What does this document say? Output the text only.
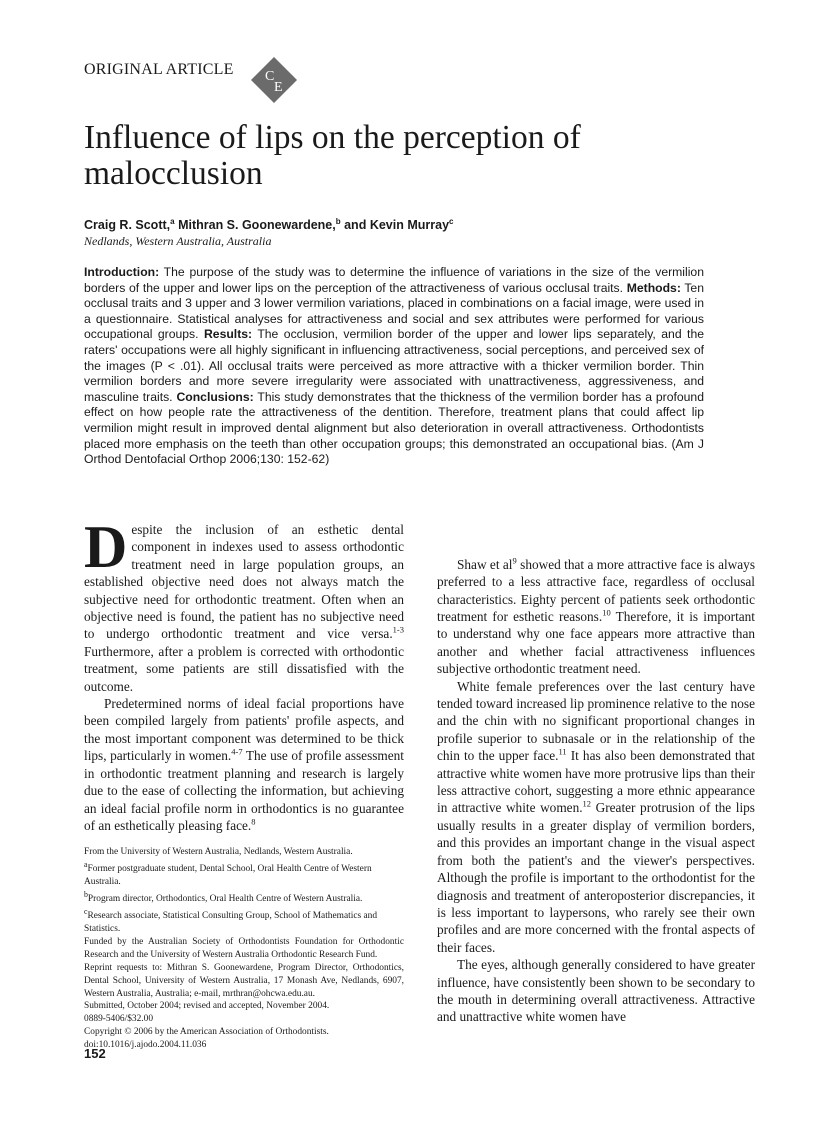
ORIGINAL ARTICLE C
E
Influence of lips on the perception of malocclusion
Craig R. Scott,$^a$ Mithran S. Goonewardene,$^b$ and Kevin Murray$^c$
Nedlands, Western Australia, Australia

Introduction: The purpose of the study was to determine the influence of variations in the size of the vermilion borders of the upper and lower lips on the perception of the attractiveness of various occlusal traits. Methods: Ten occlusal traits and 3 upper and 3 lower vermilion variations, placed in combinations on a facial image, were used in a questionnaire. Statistical analyses for attractiveness and social and sex attributes were performed for various occupational groups. Results: The occlusion, vermilion border of the upper and lower lips separately, and the raters' occupations were all highly significant in influencing attractiveness, social perceptions, and perceived sex of the images (P < .01). All occlusal traits were perceived as more attractive with a thicker vermilion border. Thin vermilion borders and more severe irregularity were associated with unattractiveness, aggressiveness, and masculine traits. Conclusions: This study demonstrates that the thickness of the vermilion border has a profound effect on how people rate the attractiveness of the dentition. Therefore, treatment plans that could affect lip vermilion might result in improved dental alignment but also deterioration in overall attractiveness. Orthodontists placed more emphasis on the teeth than other occupation groups; this demonstrated an occupational bias. (Am J Orthod Dentofacial Orthop 2006;130: 152-62)

Despite the inclusion of an esthetic dental component in indexes used to assess orthodontic treatment need in large population groups, an established objective need does not always match the subjective need for orthodontic treatment. Often when an objective need is found, the patient has no subjective need to undergo orthodontic treatment and vice versa.$^{1-3}$ Furthermore, after a problem is corrected with orthodontic treatment, some patients are still dissatisfied with the outcome.

Predetermined norms of ideal facial proportions have been compiled largely from patients' profile aspects, and the most important component was determined to be thick lips, particularly in women.$^{4-7}$ The use of profile assessment in orthodontic treatment planning and research is largely due to the ease of collecting the information, but achieving an ideal facial profile norm in orthodontics is no guarantee of an esthetically pleasing face.$^8$

Shaw et al$^9$ showed that a more attractive face is always preferred to a less attractive face, regardless of occlusal characteristics. Eighty percent of patients seek orthodontic treatment for esthetic reasons.$^{10}$ Therefore, it is important to understand why one face appears more attractive than another and whether facial attractiveness influences subjective orthodontic treatment need.

White female preferences over the last century have tended toward increased lip prominence relative to the nose and the chin with no significant proportional changes in profile superior to subnasale or in the relationship of the chin to the upper face.$^{11}$ It has also been demonstrated that attractive white women have more protrusive lips than their less attractive cohort, suggesting a more ethnic appearance in attractive white women.$^{12}$ Greater protrusion of the lips usually results in a greater display of vermilion borders, and this provides an important change in the visual aspect from both the patient's and the viewer's perspectives. Although the profile is important to the orthodontist for the diagnosis and treatment of anteroposterior discrepancies, it is less important to laypersons, who rarely see their own profiles and are more concerned with the frontal aspects of their faces.

The eyes, although generally considered to have greater influence, have consistently been shown to be secondary to the mouth in determining overall attractiveness. Attractive and unattractive white women have

From the University of Western Australia, Nedlands, Western Australia.
$^a$Former postgraduate student, Dental School, Oral Health Centre of Western Australia.
$^b$Program director, Orthodontics, Oral Health Centre of Western Australia.
$^c$Research associate, Statistical Consulting Group, School of Mathematics and Statistics.
Funded by the Australian Society of Orthodontists Foundation for Orthodontic Research and the University of Western Australia Orthodontic Research Fund.
Reprint requests to: Mithran S. Goonewardene, Program Director, Orthodontics, Dental School, University of Western Australia, 17 Monash Ave, Nedlands, 6907, Western Australia, Australia; e-mail, mrthran@ohcwa.edu.au.
Submitted, October 2004; revised and accepted, November 2004.
0889-5406/$32.00
Copyright © 2006 by the American Association of Orthodontists.
doi:10.1016/j.ajodo.2004.11.036
152
